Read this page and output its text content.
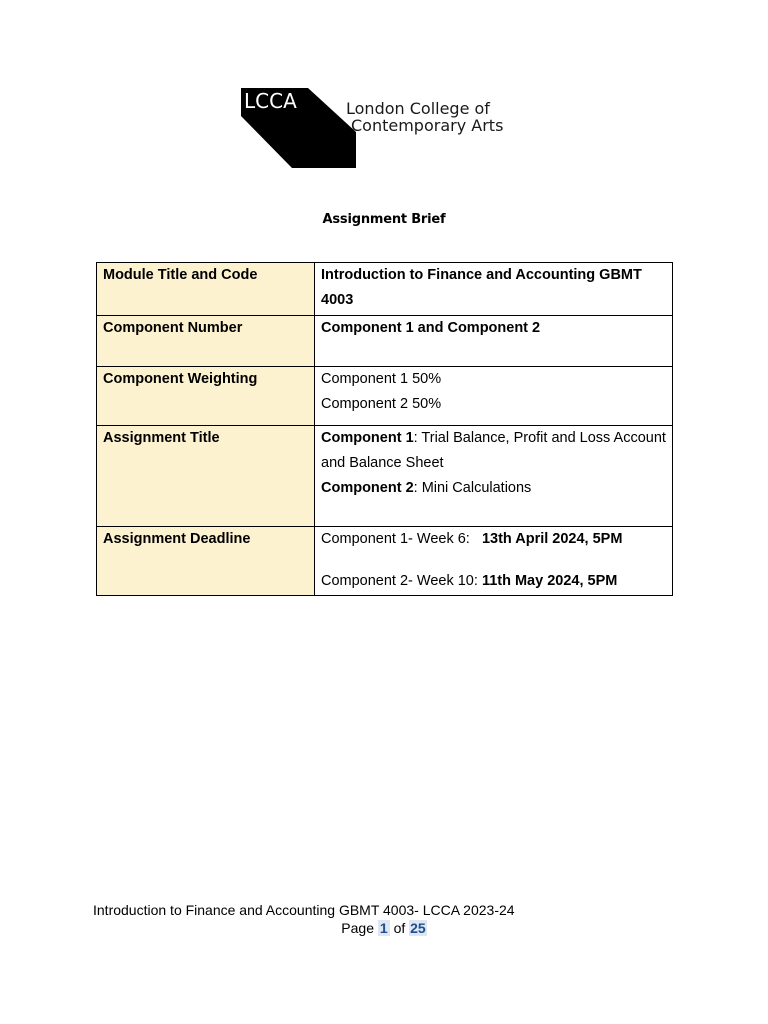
LCCA	London College of
Contemporary Arts
Assignment Brief
Module Title and Code	Introduction to Finance and Accounting GBMT 4003
Component Number	Component 1 and Component 2
Component Weighting	Component 1 50%
Component 2 50%

Assignment Title	Component 1: Trial Balance, Profit and Loss Account and Balance Sheet
Component 2: Mini Calculations

Assignment Deadline	Component 1- Week 6: 13th April 2024, 5PM
Component 2- Week 10: 11th May 2024, 5PM
Introduction to Finance and Accounting GBMT 4003- LCCA 2023-24
Page 1 of 25
